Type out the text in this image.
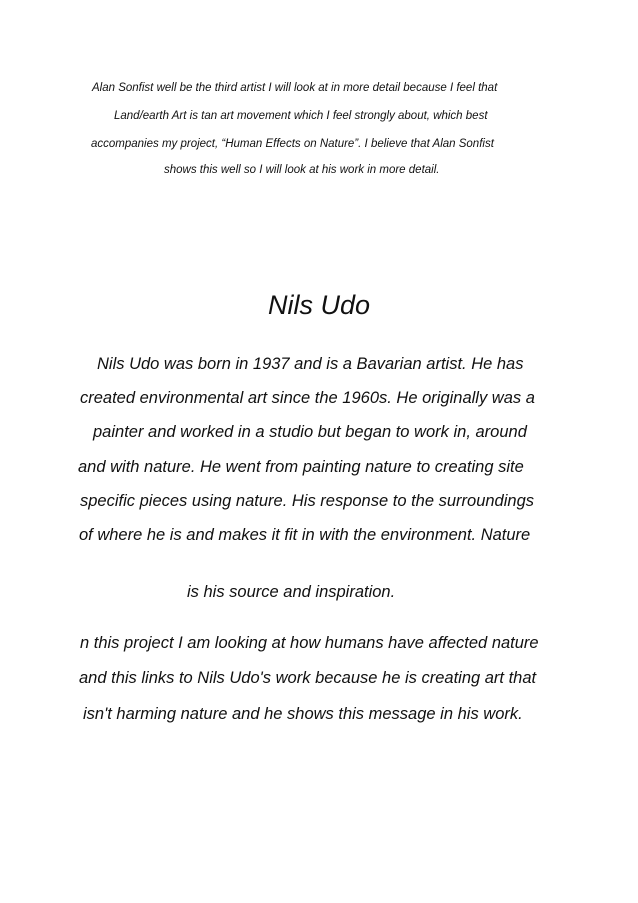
Alan Sonfist well be the third artist I will look at in more detail because I feel that
Land/earth Art is tan art movement which I feel strongly about, which best
accompanies my project, “Human Effects on Nature”. I believe that Alan Sonfist
shows this well so I will look at his work in more detail.
Nils Udo
Nils Udo was born in 1937 and is a Bavarian artist. He has
created environmental art since the 1960s. He originally was a
painter and worked in a studio but began to work in, around
and with nature. He went from painting nature to creating site
specific pieces using nature. His response to the surroundings
of where he is and makes it fit in with the environment. Nature
is his source and inspiration.
n this project I am looking at how humans have affected nature
and this links to Nils Udo's work because he is creating art that
isn't harming nature and he shows this message in his work.
